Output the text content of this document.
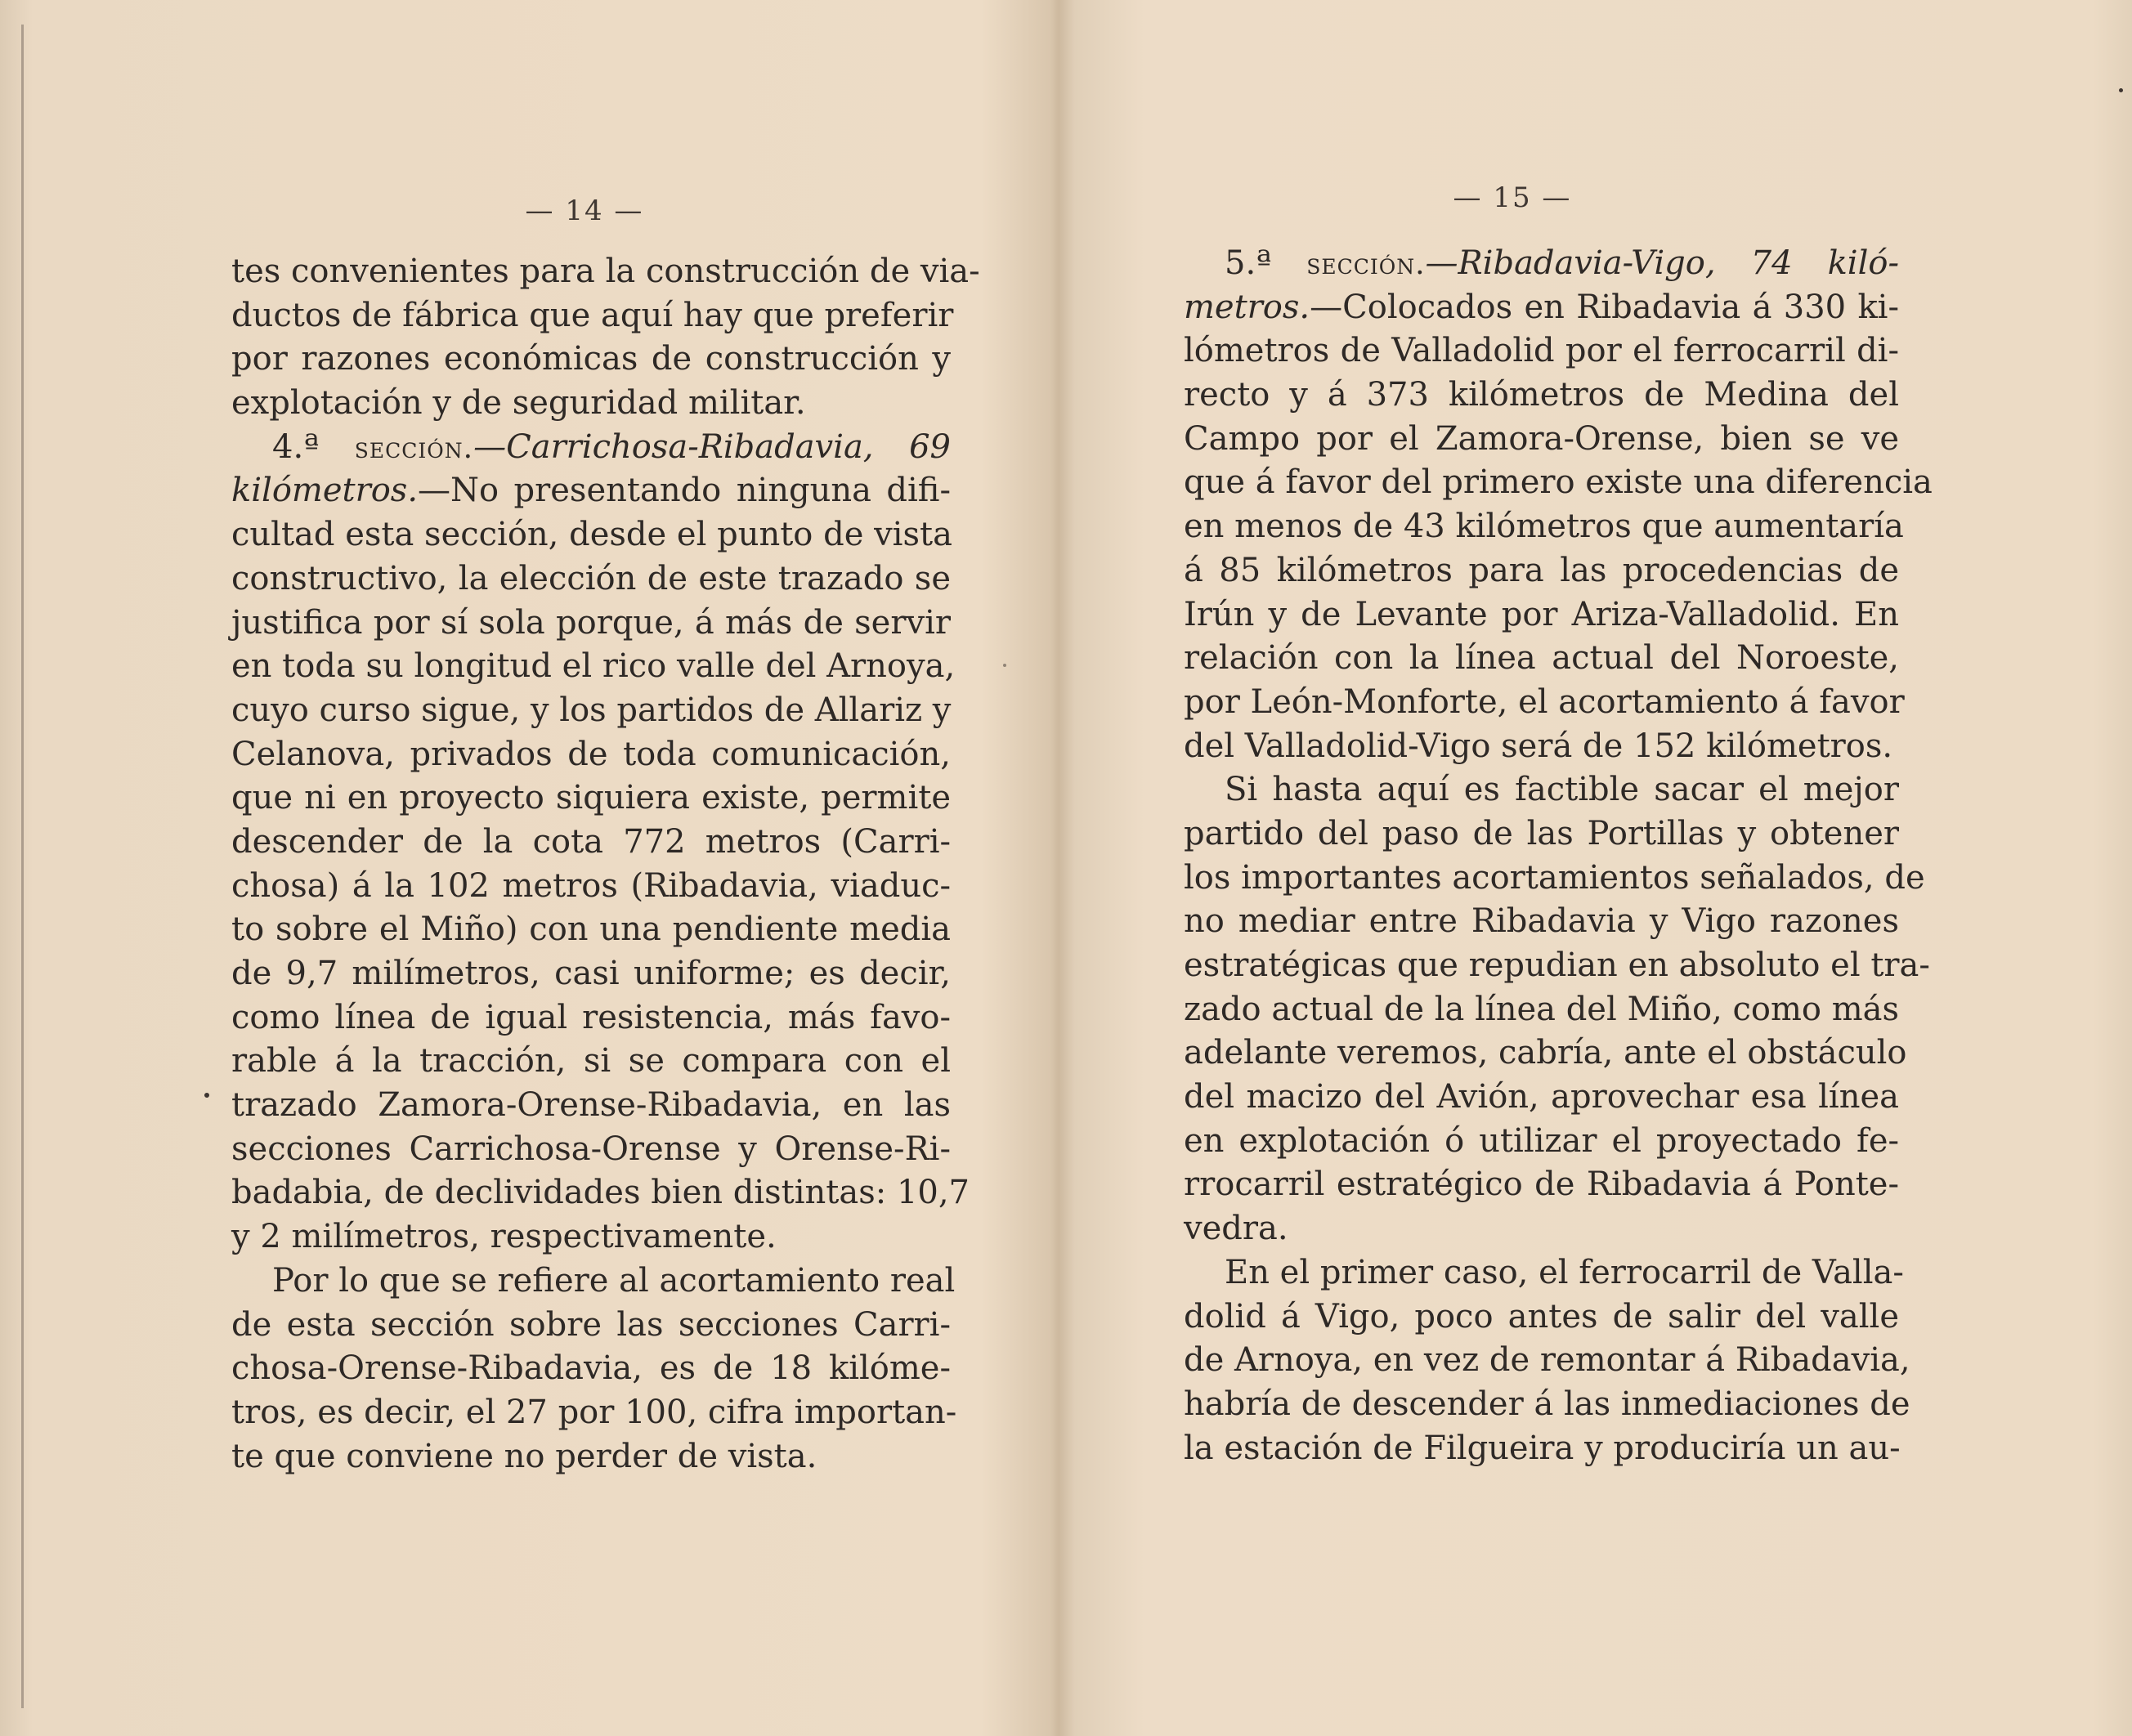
— 14 —
tes convenientes para la construcción de via-
ductos de fábrica que aquí hay que preferir
por razones económicas de construcción y
explotación y de seguridad militar.
4.ª sección.—Carrichosa-Ribadavia, 69
kilómetros.—No presentando ninguna difi-
cultad esta sección, desde el punto de vista
constructivo, la elección de este trazado se
justifica por sí sola porque, á más de servir
en toda su longitud el rico valle del Arnoya,
cuyo curso sigue, y los partidos de Allariz y
Celanova, privados de toda comunicación,
que ni en proyecto siquiera existe, permite
descender de la cota 772 metros (Carri-
chosa) á la 102 metros (Ribadavia, viaduc-
to sobre el Miño) con una pendiente media
de 9,7 milímetros, casi uniforme; es decir,
como línea de igual resistencia, más favo-
rable á la tracción, si se compara con el
trazado Zamora-Orense-Ribadavia, en las
secciones Carrichosa-Orense y Orense-Ri-
badabia, de declividades bien distintas: 10,7
y 2 milímetros, respectivamente.
Por lo que se refiere al acortamiento real
de esta sección sobre las secciones Carri-
chosa-Orense-Ribadavia, es de 18 kilóme-
tros, es decir, el 27 por 100, cifra importan-
te que conviene no perder de vista.
— 15 —
5.ª sección.—Ribadavia-Vigo, 74 kiló-
metros.—Colocados en Ribadavia á 330 ki-
lómetros de Valladolid por el ferrocarril di-
recto y á 373 kilómetros de Medina del
Campo por el Zamora-Orense, bien se ve
que á favor del primero existe una diferencia
en menos de 43 kilómetros que aumentaría
á 85 kilómetros para las procedencias de
Irún y de Levante por Ariza-Valladolid. En
relación con la línea actual del Noroeste,
por León-Monforte, el acortamiento á favor
del Valladolid-Vigo será de 152 kilómetros.
Si hasta aquí es factible sacar el mejor
partido del paso de las Portillas y obtener
los importantes acortamientos señalados, de
no mediar entre Ribadavia y Vigo razones
estratégicas que repudian en absoluto el tra-
zado actual de la línea del Miño, como más
adelante veremos, cabría, ante el obstáculo
del macizo del Avión, aprovechar esa línea
en explotación ó utilizar el proyectado fe-
rrocarril estratégico de Ribadavia á Ponte-
vedra.
En el primer caso, el ferrocarril de Valla-
dolid á Vigo, poco antes de salir del valle
de Arnoya, en vez de remontar á Ribadavia,
habría de descender á las inmediaciones de
la estación de Filgueira y produciría un au-
